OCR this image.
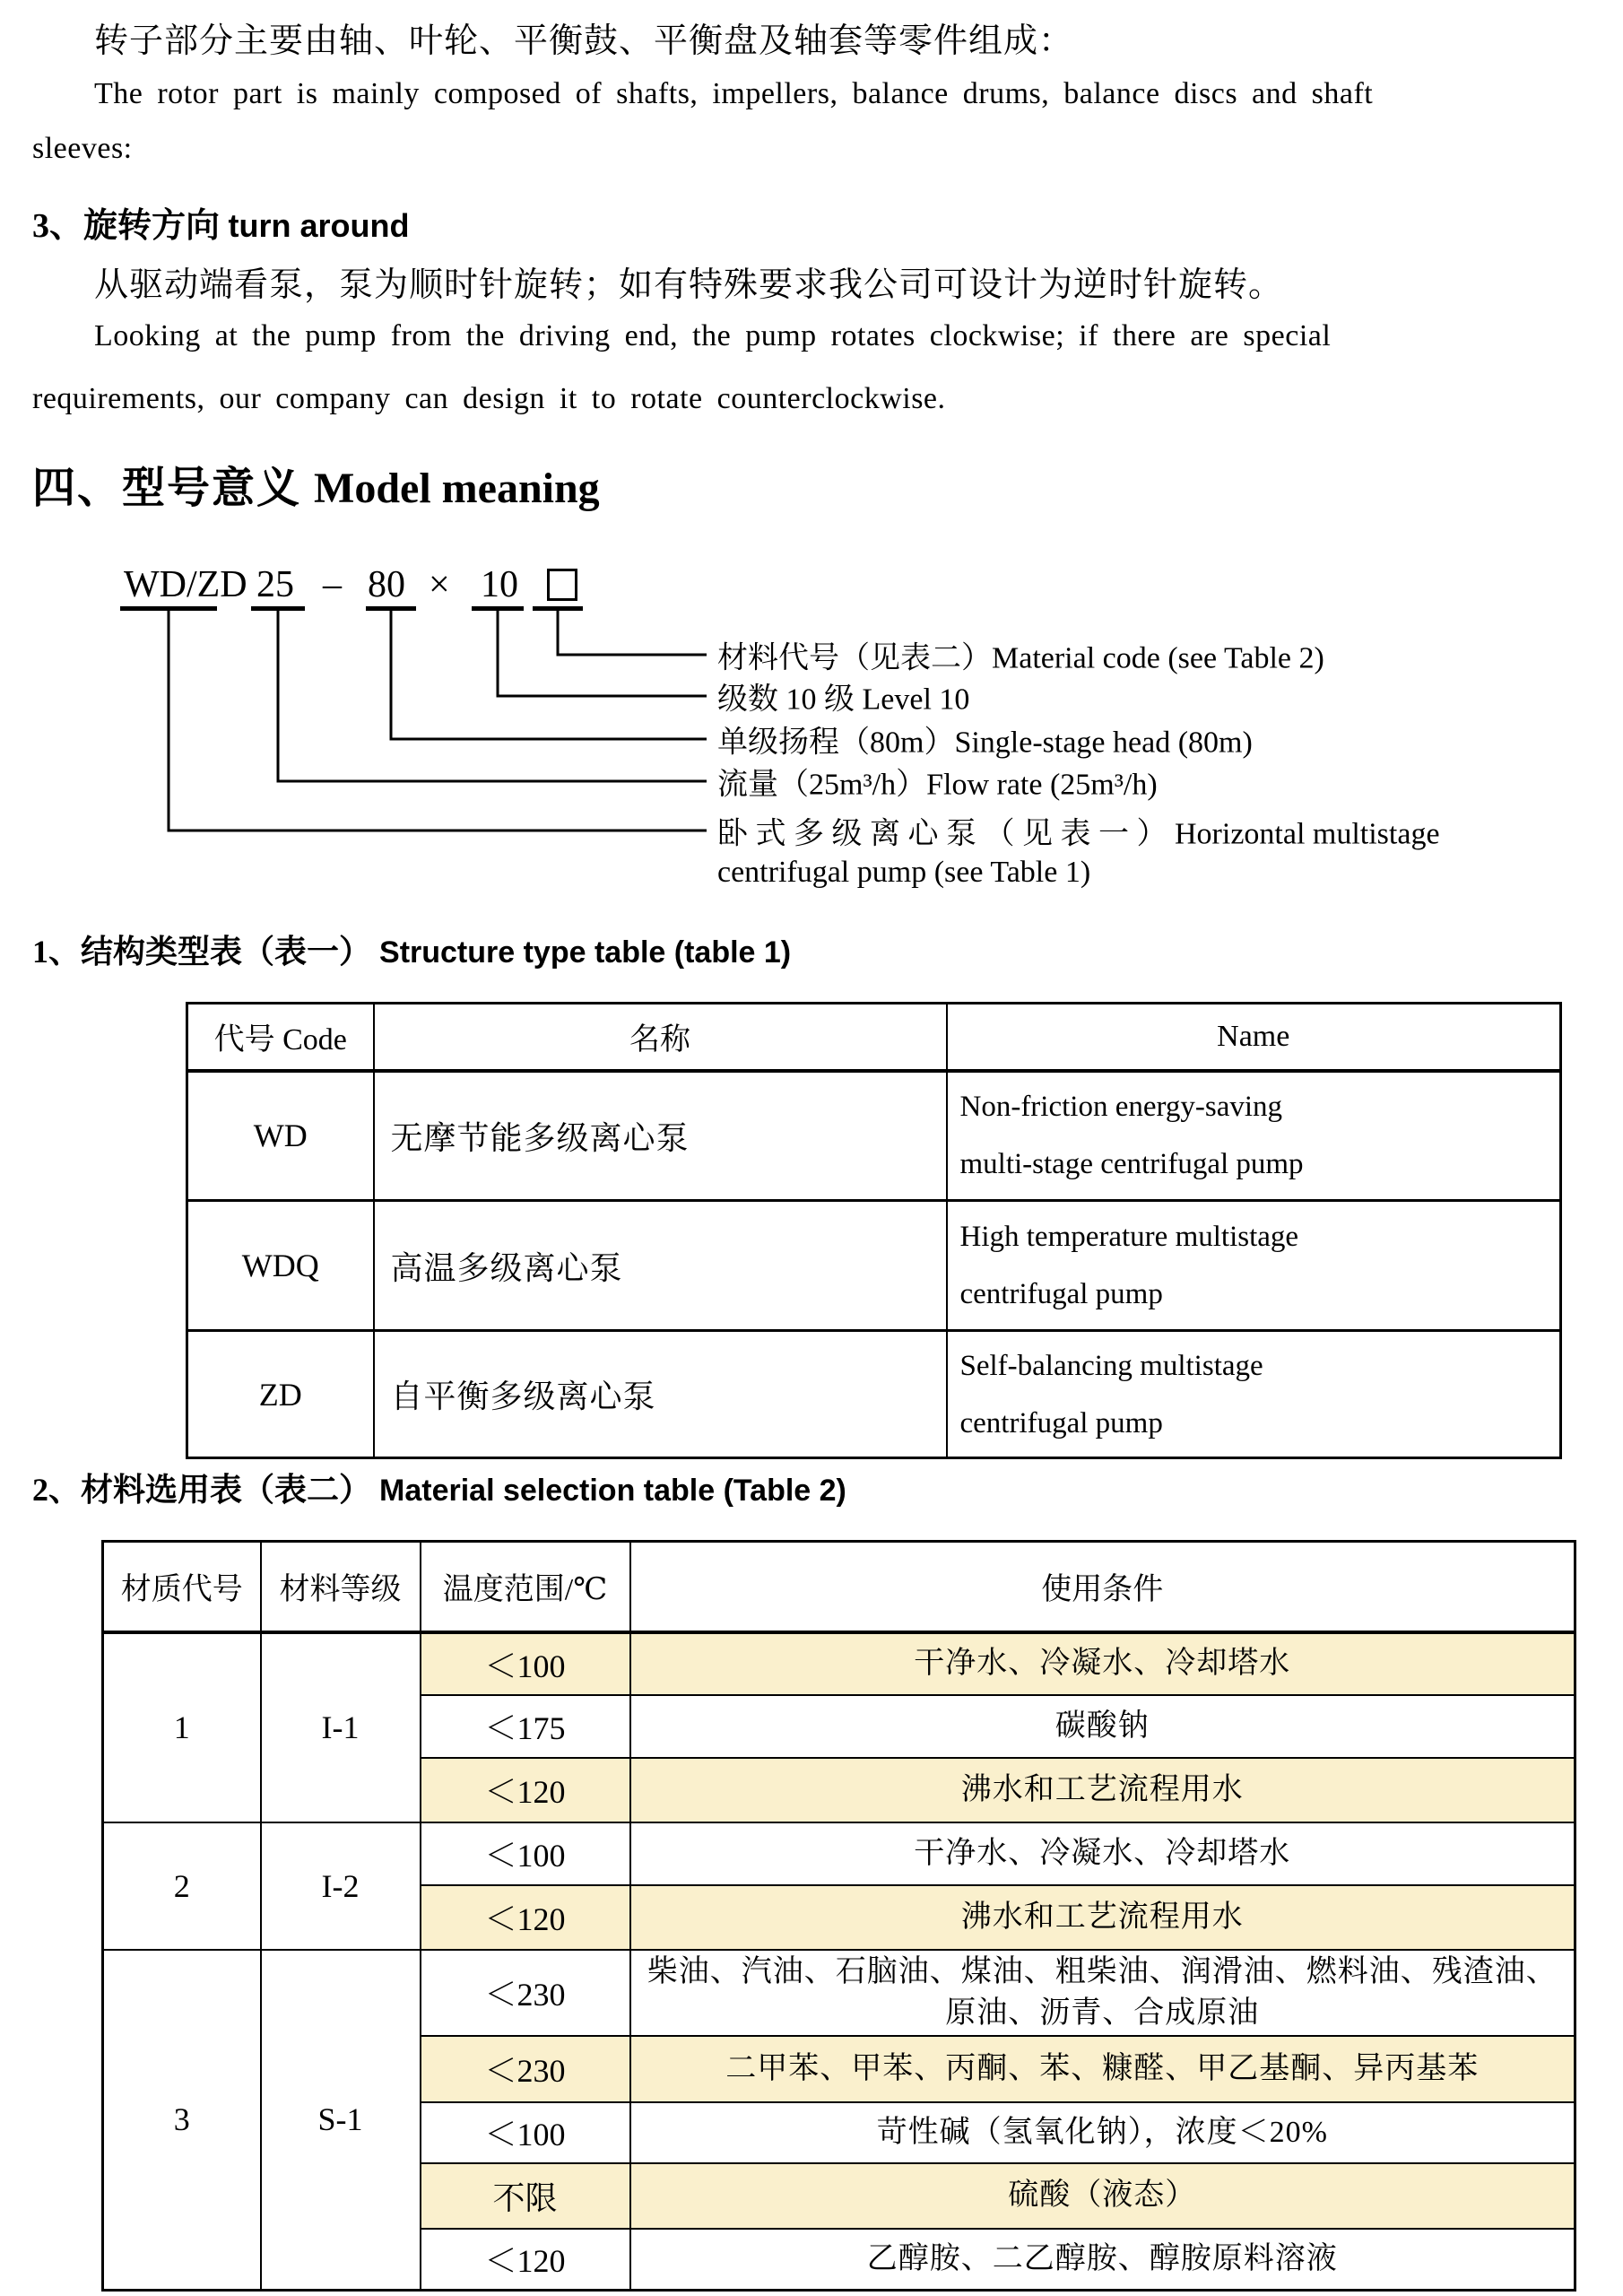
转子部分主要由轴、叶轮、平衡鼓、平衡盘及轴套等零件组成：
The rotor part is mainly composed of shafts, impellers, balance drums, balance discs and shaft
sleeves:
3、旋转方向 turn around
从驱动端看泵，泵为顺时针旋转；如有特殊要求我公司可设计为逆时针旋转。
Looking at the pump from the driving end, the pump rotates clockwise; if there are special
requirements, our company can design it to rotate counterclockwise.
四、型号意义 Model meaning
WD/ZD 25 – 80 × 10
材料代号（见表二）Material code (see Table 2)
级数 10 级 Level 10
单级扬程（80m）Single-stage head (80m)
流量（25m³/h）Flow rate (25m³/h)
卧 式 多 级 离 心 泵 （ 见 表 一 ） Horizontal multistage
centrifugal pump (see Table 1)
1、结构类型表（表一） Structure type table (table 1)
代号 Code	名称	Name
WD	无摩节能多级离心泵	Non-friction energy-saving
multi-stage centrifugal pump

WDQ	高温多级离心泵	High temperature multistage
centrifugal pump

ZD	自平衡多级离心泵	Self-balancing multistage
centrifugal pump
2、材料选用表（表二） Material selection table (Table 2)
材质代号	材料等级	温度范围/℃	使用条件
1	I-1	＜100	干净水、冷凝水、冷却塔水
		＜175	碳酸钠
		＜120	沸水和工艺流程用水
2	I-2	＜100	干净水、冷凝水、冷却塔水
		＜120	沸水和工艺流程用水
3	S-1	＜230	柴油、汽油、石脑油、煤油、粗柴油、润滑油、燃料油、残渣油、原油、沥青、合成原油
		＜230	二甲苯、甲苯、丙酮、苯、糠醛、甲乙基酮、异丙基苯
		＜100	苛性碱（氢氧化钠），浓度＜20%
		不限	硫酸（液态）
		＜120	乙醇胺、二乙醇胺、醇胺原料溶液
